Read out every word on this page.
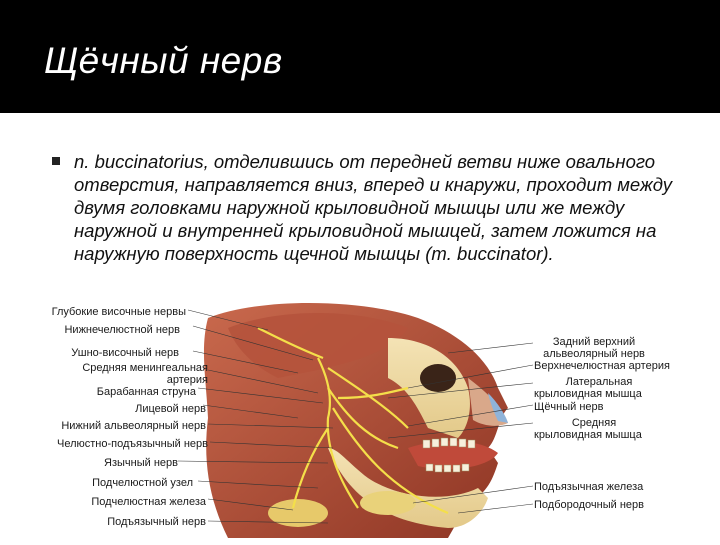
Щёчный нерв
n. buccinatorius, отделившись от передней ветви ниже овального отверстия, направляется вниз, вперед и кнаружи, проходит между двумя головками наружной крыловидной мышцы или же между наружной и внутренней крыловидной мышцей, затем ложится на наружную поверхность щечной мышцы (m. buccinator).
Глубокие височные нервы
Нижнечелюстной нерв
Ушно-височный нерв
Средняя менингеальная
артерия
Барабанная струна
Лицевой нерв
Нижний альвеолярный нерв
Челюстно-подъязычный нерв
Язычный нерв
Подчелюстной узел
Подчелюстная железа
Подъязычный нерв
Задний верхний
альвеолярный нерв
Верхнечелюстная артерия
Латеральная
крыловидная мышца
Щёчный нерв
Средняя
крыловидная мышца
Подъязычная железа
Подбородочный нерв
